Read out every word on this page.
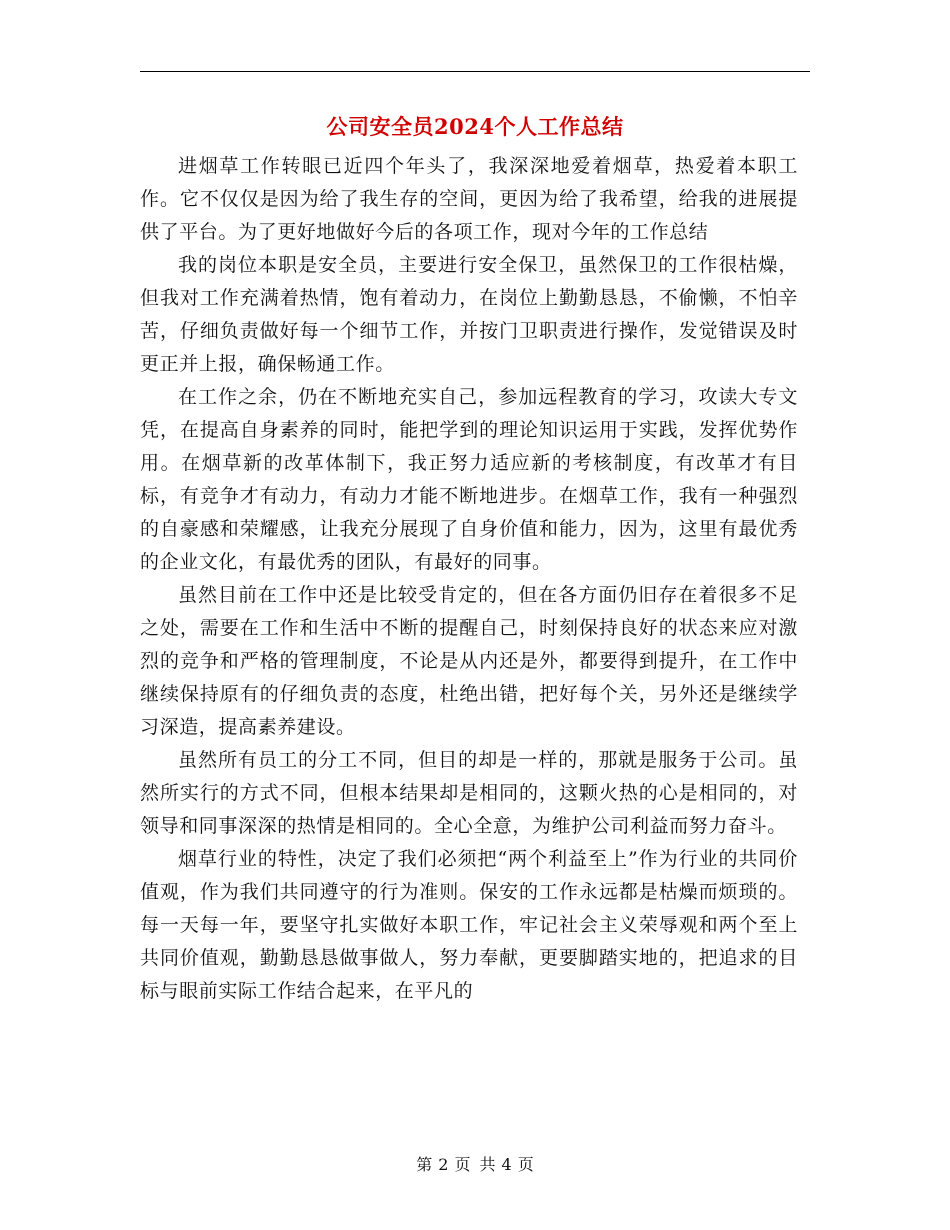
公司安全员2024个人工作总结

进烟草工作转眼已近四个年头了，我深深地爱着烟草，热爱着本职工作。它不仅仅是因为给了我生存的空间，更因为给了我希望，给我的进展提供了平台。为了更好地做好今后的各项工作，现对今年的工作总结

我的岗位本职是安全员，主要进行安全保卫，虽然保卫的工作很枯燥，但我对工作充满着热情，饱有着动力，在岗位上勤勤恳恳，不偷懒，不怕辛苦，仔细负责做好每一个细节工作，并按门卫职责进行操作，发觉错误及时更正并上报，确保畅通工作。

在工作之余，仍在不断地充实自己，参加远程教育的学习，攻读大专文凭，在提高自身素养的同时，能把学到的理论知识运用于实践，发挥优势作用。在烟草新的改革体制下，我正努力适应新的考核制度，有改革才有目标，有竞争才有动力，有动力才能不断地进步。在烟草工作，我有一种强烈的自豪感和荣耀感，让我充分展现了自身价值和能力，因为，这里有最优秀的企业文化，有最优秀的团队，有最好的同事。

虽然目前在工作中还是比较受肯定的，但在各方面仍旧存在着很多不足之处，需要在工作和生活中不断的提醒自己，时刻保持良好的状态来应对激烈的竞争和严格的管理制度，不论是从内还是外，都要得到提升，在工作中继续保持原有的仔细负责的态度，杜绝出错，把好每个关，另外还是继续学习深造，提高素养建设。

虽然所有员工的分工不同，但目的却是一样的，那就是服务于公司。虽然所实行的方式不同，但根本结果却是相同的，这颗火热的心是相同的，对领导和同事深深的热情是相同的。全心全意，为维护公司利益而努力奋斗。

烟草行业的特性，决定了我们必须把“两个利益至上”作为行业的共同价值观，作为我们共同遵守的行为准则。保安的工作永远都是枯燥而烦琐的。每一天每一年，要坚守扎实做好本职工作，牢记社会主义荣辱观和两个至上共同价值观，勤勤恳恳做事做人，努力奉献，更要脚踏实地的，把追求的目标与眼前实际工作结合起来，在平凡的

第 2 页 共 4 页
